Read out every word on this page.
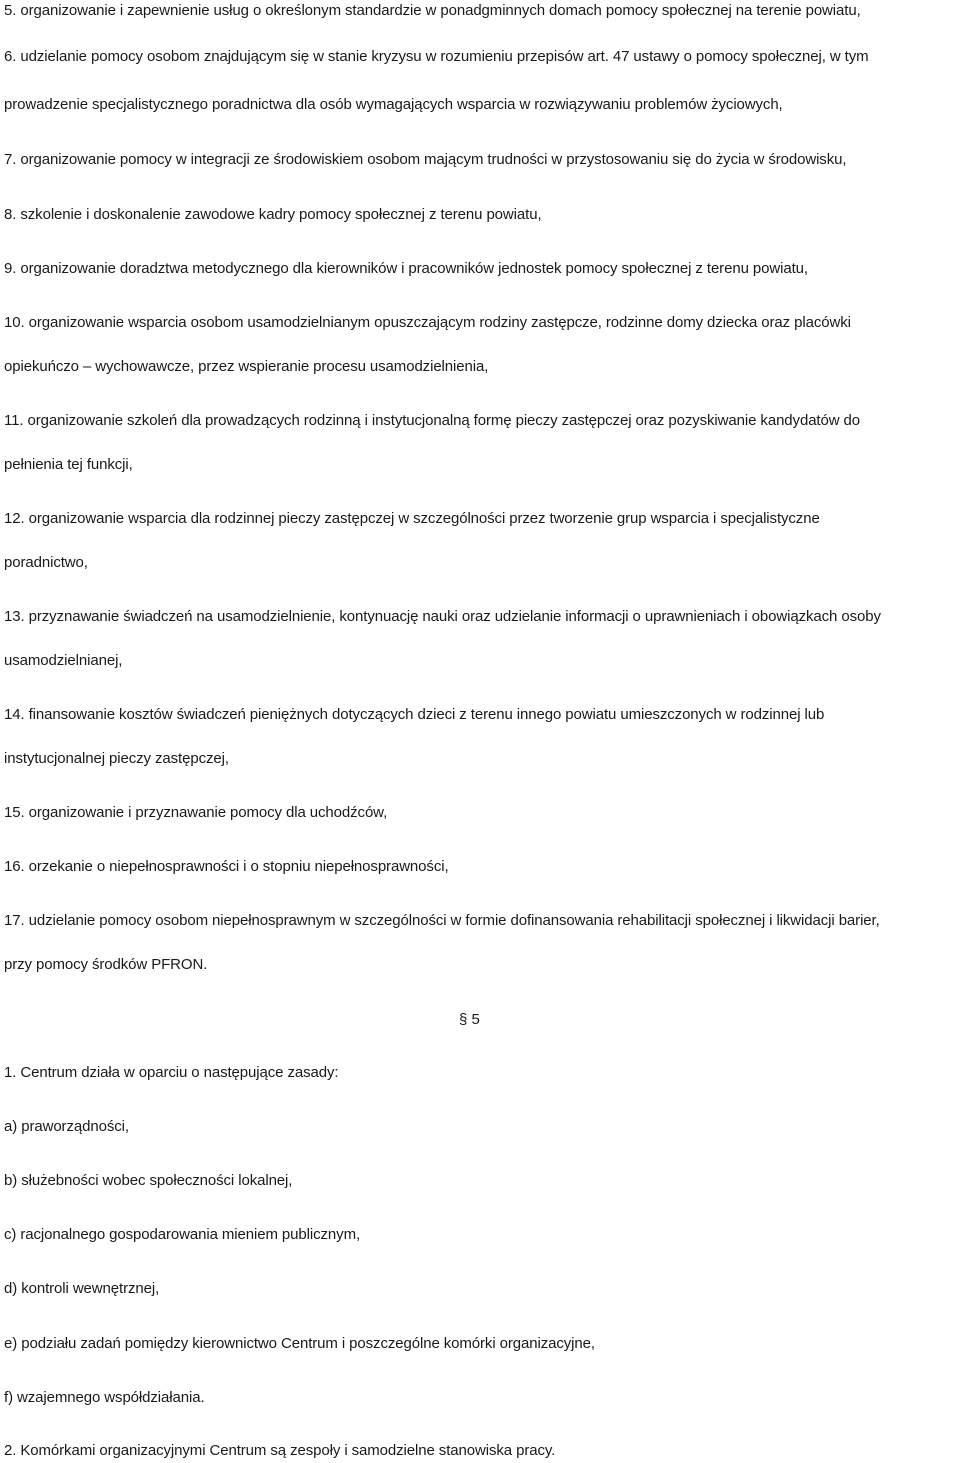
5. organizowanie i zapewnienie usług o określonym standardzie w ponadgminnych domach pomocy społecznej na terenie powiatu,
6. udzielanie pomocy osobom znajdującym się w stanie kryzysu w rozumieniu przepisów art. 47 ustawy o pomocy społecznej, w tym
prowadzenie specjalistycznego poradnictwa dla osób wymagających wsparcia w rozwiązywaniu problemów życiowych,
7. organizowanie pomocy w integracji ze środowiskiem osobom mającym trudności w przystosowaniu się do życia w środowisku,
8. szkolenie i doskonalenie zawodowe kadry pomocy społecznej z terenu powiatu,
9. organizowanie doradztwa metodycznego dla kierowników i pracowników jednostek pomocy społecznej z terenu powiatu,
10. organizowanie wsparcia osobom usamodzielnianym opuszczającym rodziny zastępcze, rodzinne domy dziecka oraz placówki
opiekuńczo – wychowawcze, przez wspieranie procesu usamodzielnienia,
11. organizowanie szkoleń dla prowadzących rodzinną i instytucjonalną formę pieczy zastępczej oraz pozyskiwanie kandydatów do
pełnienia tej funkcji,
12. organizowanie wsparcia dla rodzinnej pieczy zastępczej w szczególności przez tworzenie grup wsparcia i specjalistyczne
poradnictwo,
13. przyznawanie świadczeń na usamodzielnienie, kontynuację nauki oraz udzielanie informacji o uprawnieniach i obowiązkach osoby
usamodzielnianej,
14. finansowanie kosztów świadczeń pieniężnych dotyczących dzieci z terenu innego powiatu umieszczonych w rodzinnej lub
instytucjonalnej pieczy zastępczej,
15. organizowanie i przyznawanie pomocy dla uchodźców,
16. orzekanie o niepełnosprawności i o stopniu niepełnosprawności,
17. udzielanie pomocy osobom niepełnosprawnym w szczególności w formie dofinansowania rehabilitacji społecznej i likwidacji barier,
przy pomocy środków PFRON.
§ 5
1. Centrum działa w oparciu o następujące zasady:
a) praworządności,
b) służebności wobec społeczności lokalnej,
c) racjonalnego gospodarowania mieniem publicznym,
d) kontroli wewnętrznej,
e) podziału zadań pomiędzy kierownictwo Centrum i poszczególne komórki organizacyjne,
f) wzajemnego współdziałania.
2. Komórkami organizacyjnymi Centrum są zespoły i samodzielne stanowiska pracy.
